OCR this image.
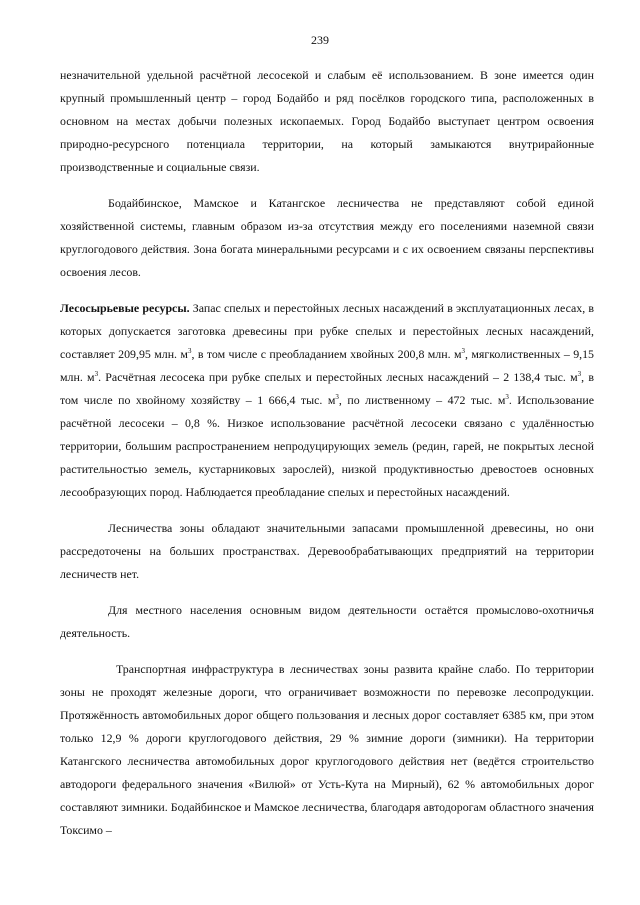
239

незначительной удельной расчётной лесосекой и слабым её использованием. В зоне имеется один крупный промышленный центр – город Бодайбо и ряд посёлков городского типа, расположенных в основном на местах добычи полезных ископаемых. Город Бодайбо выступает центром освоения природно-ресурсного потенциала территории, на который замыкаются внутрирайонные производственные и социальные связи.

Бодайбинское, Мамское и Катангское лесничества не представляют собой единой хозяйственной системы, главным образом из-за отсутствия между его поселениями наземной связи круглогодового действия. Зона богата минеральными ресурсами и с их освоением связаны перспективы освоения лесов.

Лесосырьевые ресурсы. Запас спелых и перестойных лесных насаждений в эксплуатационных лесах, в которых допускается заготовка древесины при рубке спелых и перестойных лесных насаждений, составляет 209,95 млн. $м^3$, в том числе с преобладанием хвойных 200,8 млн. $м^3$, мягколиственных – 9,15 млн. $м^3$. Расчётная лесосека при рубке спелых и перестойных лесных насаждений – 2 138,4 тыс. $м^3$, в том числе по хвойному хозяйству – 1 666,4 тыс. $м^3$, по лиственному – 472 тыс. $м^3$. Использование расчётной лесосеки – 0,8 %. Низкое использование расчётной лесосеки связано с удалённостью территории, большим распространением непродуцирующих земель (редин, гарей, не покрытых лесной растительностью земель, кустарниковых зарослей), низкой продуктивностью древостоев основных лесообразующих пород. Наблюдается преобладание спелых и перестойных насаждений.

Лесничества зоны обладают значительными запасами промышленной древесины, но они рассредоточены на больших пространствах. Деревообрабатывающих предприятий на территории лесничеств нет.

Для местного населения основным видом деятельности остаётся промыслово-охотничья деятельность.

Транспортная инфраструктура в лесничествах зоны развита крайне слабо. По территории зоны не проходят железные дороги, что ограничивает возможности по перевозке лесопродукции. Протяжённость автомобильных дорог общего пользования и лесных дорог составляет 6385 км, при этом только 12,9 % дороги круглогодового действия, 29 % зимние дороги (зимники). На территории Катангского лесничества автомобильных дорог круглогодового действия нет (ведётся строительство автодороги федерального значения «Вилюй» от Усть-Кута на Мирный), 62 % автомобильных дорог составляют зимники. Бодайбинское и Мамское лесничества, благодаря автодорогам областного значения Токсимо –
